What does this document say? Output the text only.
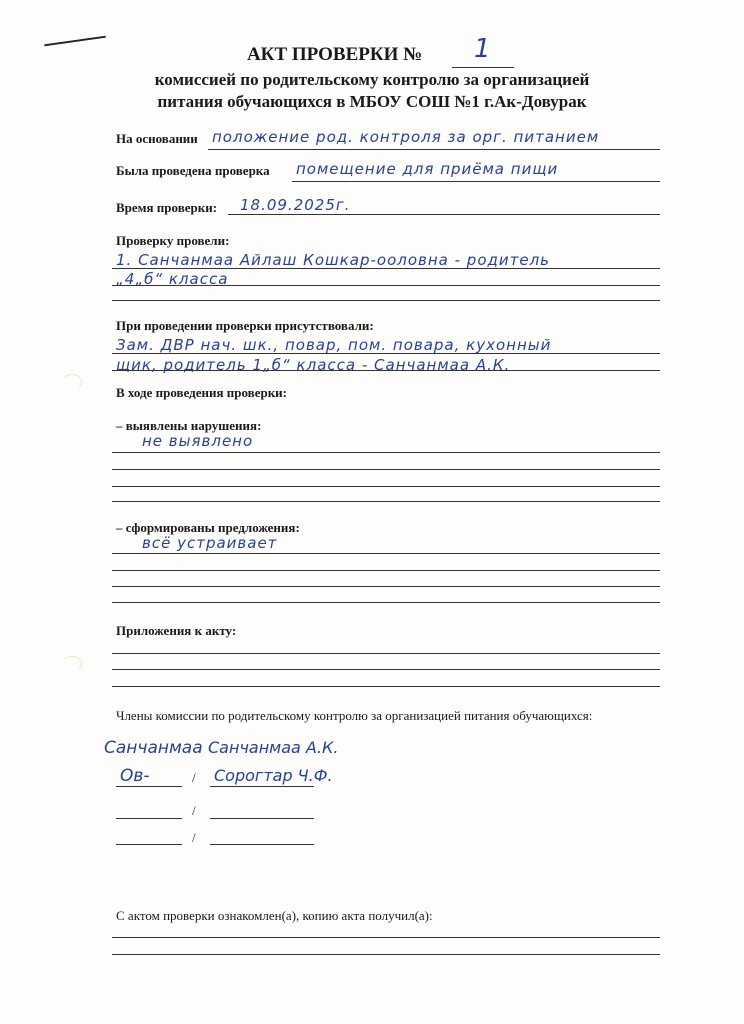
АКТ ПРОВЕРКИ №	1
комиссией по родительскому контролю за организацией
питания обучающихся в МБОУ СОШ №1 г.Ак-Довурак
На основании положение род. контроля за орг. питанием
Была проведена проверка помещение для приёма пищи
Время проверки: 18.09.2025г.
Проверку провели:
1. Санчанмаа Айлаш Кошкар-ооловна - родитель
„4„б“ класса
При проведении проверки присутствовали:
Зам. ДВР нач. шк., повар, пом. повара, кухонный
щик, родитель 1„б“ класса - Санчанмаа А.К.
В ходе проведения проверки:
– выявлены нарушения:
не выявлено
– сформированы предложения:
всё устраивает
Приложения к акту:
Члены комиссии по родительскому контролю за организацией питания обучающихся:
Санчанмаа Санчанмаа А.К.
Ов-	/ Сорогтар Ч.Ф.
/
/
С актом проверки ознакомлен(а), копию акта получил(а):
